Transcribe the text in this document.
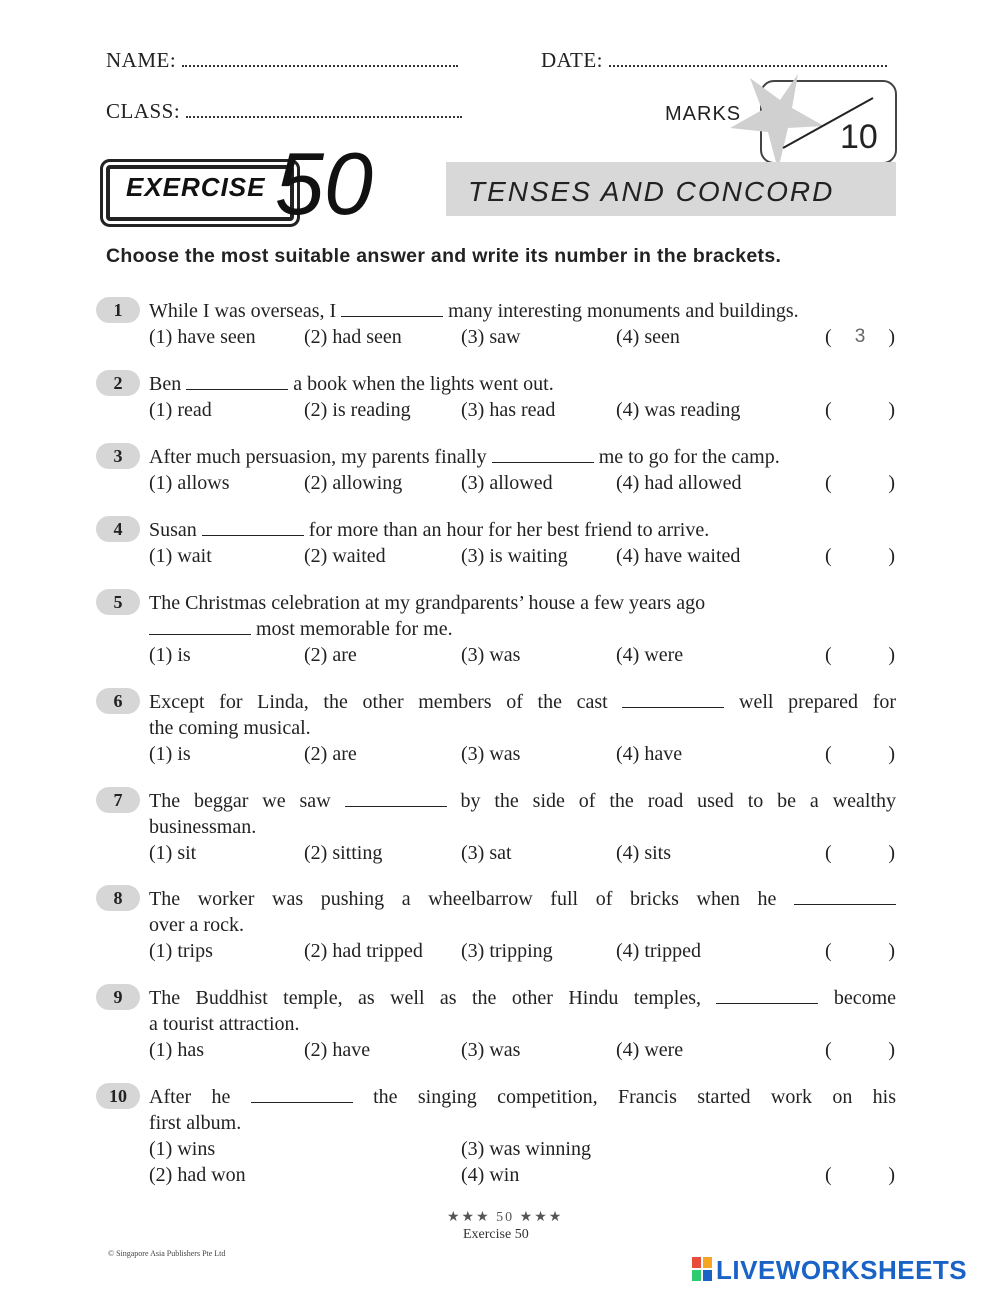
NAME:	DATE:
CLASS:	MARKS
10
EXERCISE 50	TENSES AND CONCORD
Choose the most suitable answer and write its number in the brackets.
1	While I was overseas, I	many interesting monuments and buildings.
(1) have seen (2) had seen	(3) saw	(4) seen	(	3	)
2	Ben	a book when the lights went out.
(1) read	(2) is reading	(3) has read	(4) was reading	(	)
3	After much persuasion, my parents finally	me to go for the camp.
(1) allows	(2) allowing	(3) allowed	(4) had allowed	(	)
4	Susan	for more than an hour for her best friend to arrive.
(1) wait	(2) waited	(3) is waiting (4) have waited	(	)
5	The Christmas celebration at my grandparents’ house a few years ago
most memorable for me.
(1) is	(2) are	(3) was	(4) were	(	)
6	Except for Linda, the other members of the cast	well prepared for
the coming musical.
(1) is	(2) are	(3) was	(4) have	(	)
7	The beggar we saw	by the side of the road used to be a wealthy
businessman.
(1) sit	(2) sitting	(3) sat	(4) sits	(	)
8	The worker was pushing a wheelbarrow full of bricks when he
over a rock.
(1) trips	(2) had tripped (3) tripping	(4) tripped	(	)
9	The Buddhist temple, as well as the other Hindu temples,	become
a tourist attraction.
(1) has	(2) have	(3) was	(4) were	(	)
10	After he	the singing competition, Francis started work on his
first album.
(1) wins	(3) was winning
(2) had won	(4) win	(	)
★★★ 50 ★★★
Exercise 50
© Singapore Asia Publishers Pte Ltd
LIVEWORKSHEETS
